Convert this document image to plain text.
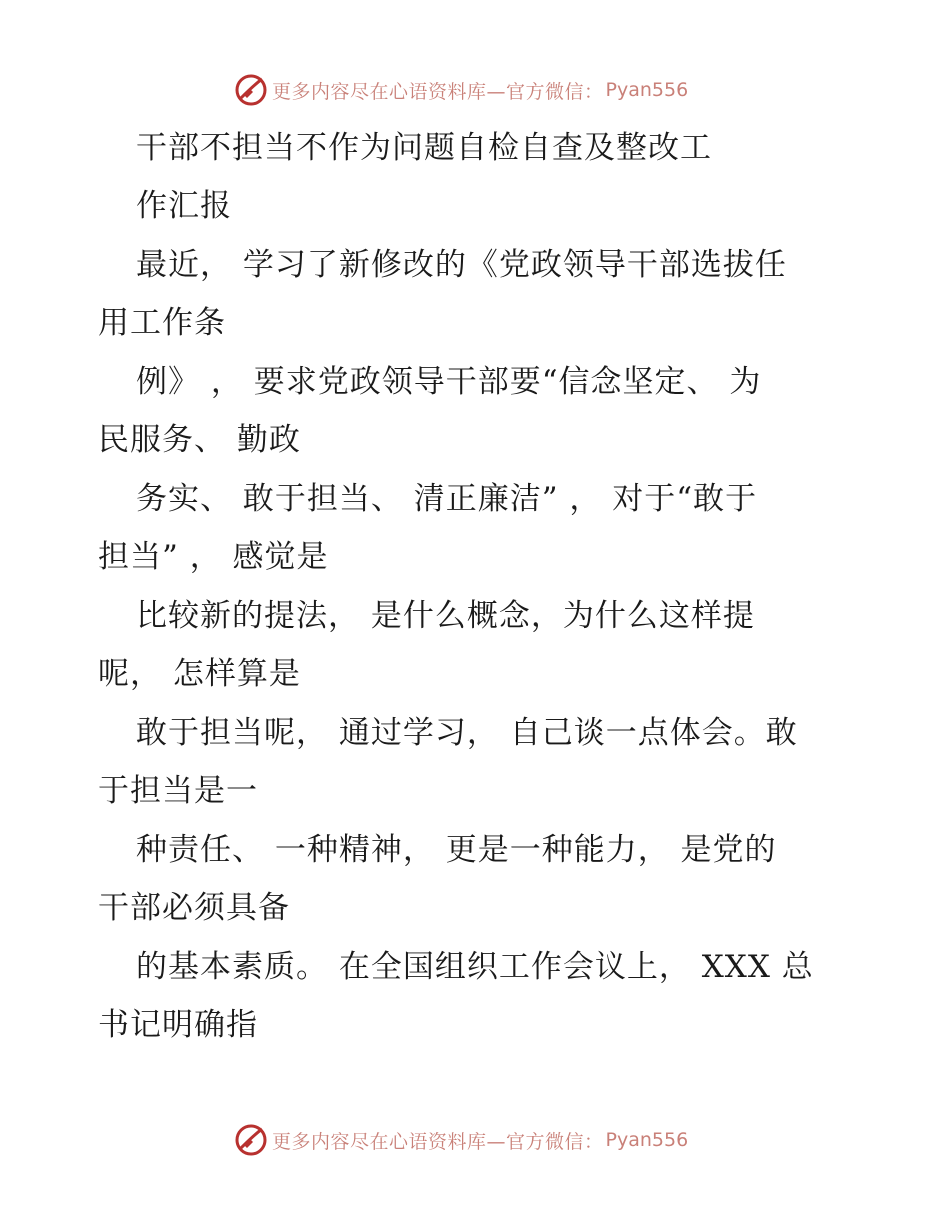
更多内容尽在心语资料库—官方微信： Pyan556
干部不担当不作为问题自检自查及整改工
作汇报
最近， 学习了新修改的《党政领导干部选拔任
用工作条
例》 ， 要求党政领导干部要“信念坚定、 为
民服务、 勤政
务实、 敢于担当、 清正廉洁” ， 对于“敢于
担当” ， 感觉是
比较新的提法， 是什么概念，为什么这样提
呢， 怎样算是
敢于担当呢， 通过学习， 自己谈一点体会。敢
于担当是一
种责任、 一种精神， 更是一种能力， 是党的
干部必须具备
的基本素质。 在全国组织工作会议上， XXX 总
书记明确指
更多内容尽在心语资料库—官方微信： Pyan556
